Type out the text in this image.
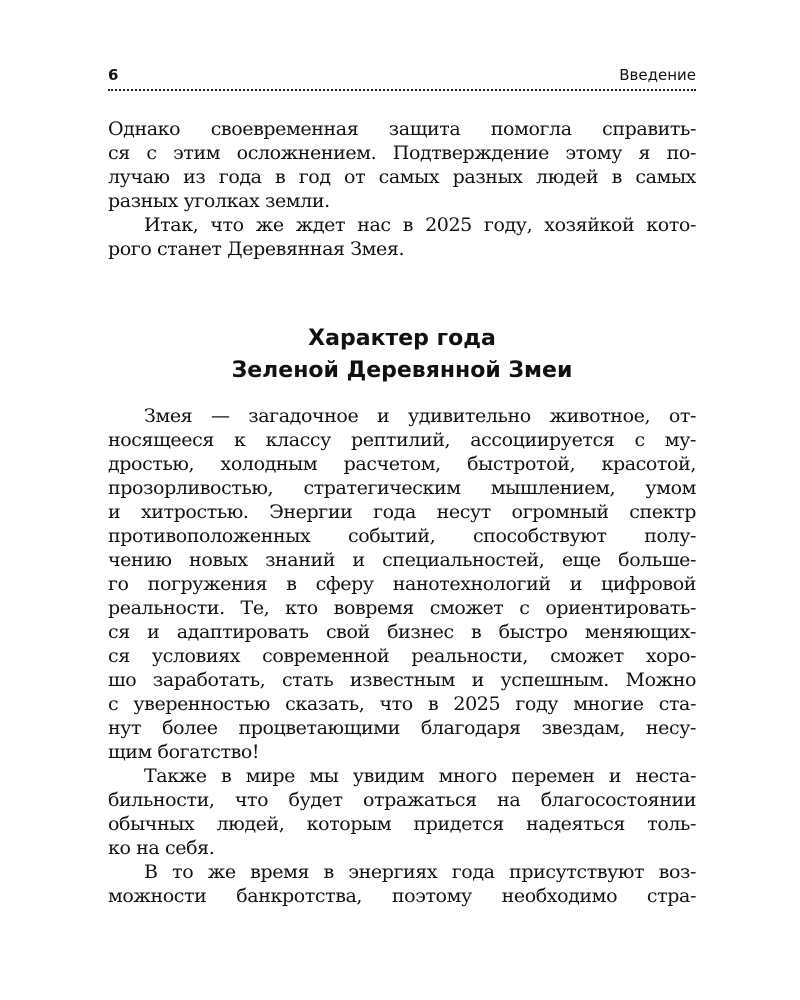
6	Введение
Однако своевременная защита помогла справить-
ся с этим осложнением. Подтверждение этому я по-
лучаю из года в год от самых разных людей в самых
разных уголках земли.
Итак, что же ждет нас в 2025 году, хозяйкой кото-
рого станет Деревянная Змея.
Характер года
Зеленой Деревянной Змеи
Змея — загадочное и удивительно животное, от-
носящееся к классу рептилий, ассоциируется с му-
дростью, холодным расчетом, быстротой, красотой,
прозорливостью, стратегическим мышлением, умом
и хитростью. Энергии года несут огромный спектр
противоположенных событий, способствуют полу-
чению новых знаний и специальностей, еще больше-
го погружения в сферу нанотехнологий и цифровой
реальности. Те, кто вовремя сможет с ориентировать-
ся и адаптировать свой бизнес в быстро меняющих-
ся условиях современной реальности, сможет хоро-
шо заработать, стать известным и успешным. Можно
с уверенностью сказать, что в 2025 году многие ста-
нут более процветающими благодаря звездам, несу-
щим богатство!
Также в мире мы увидим много перемен и неста-
бильности, что будет отражаться на благосостоянии
обычных людей, которым придется надеяться толь-
ко на себя.
В то же время в энергиях года присутствуют воз-
можности банкротства, поэтому необходимо стра-
